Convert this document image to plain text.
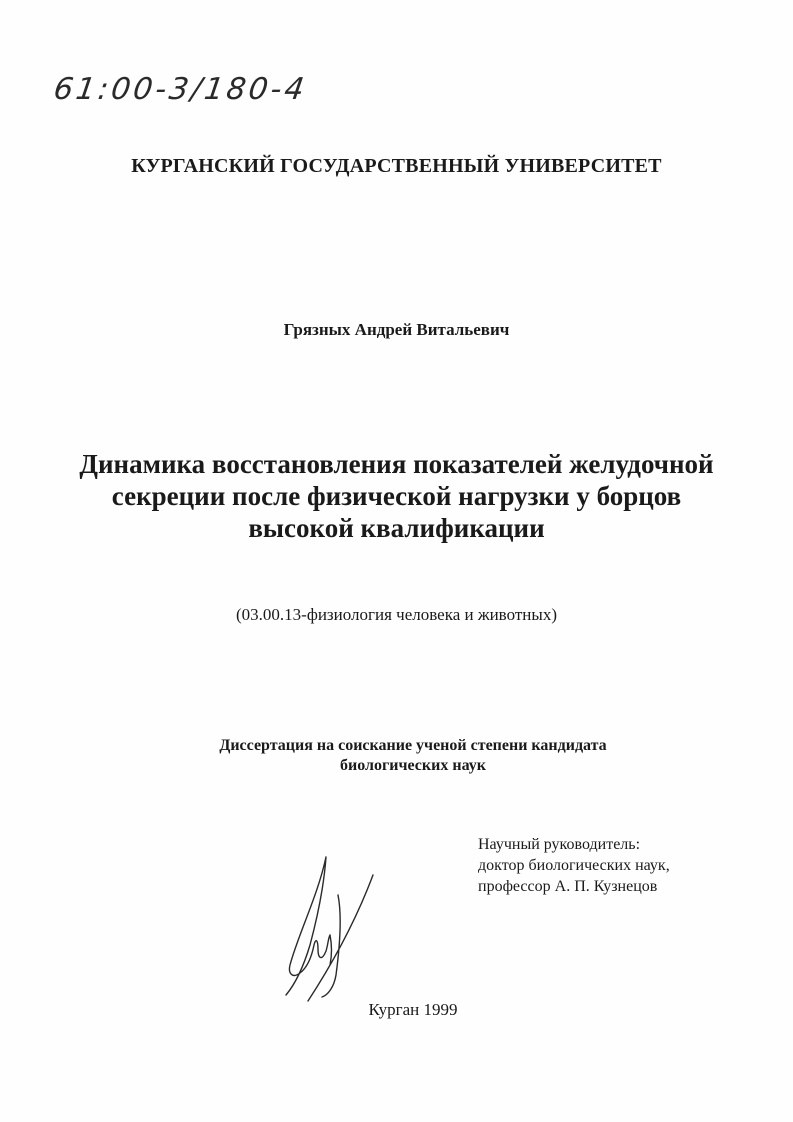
61:00-3/180-4
КУРГАНСКИЙ ГОСУДАРСТВЕННЫЙ УНИВЕРСИТЕТ
Грязных Андрей Витальевич
Динамика восстановления показателей желудочной
секреции после физической нагрузки у борцов
высокой квалификации
(03.00.13-физиология человека и животных)
Диссертация на соискание ученой степени кандидата
биологических наук
Научный руководитель:
доктор биологических наук,
профессор А. П. Кузнецов
Курган 1999
